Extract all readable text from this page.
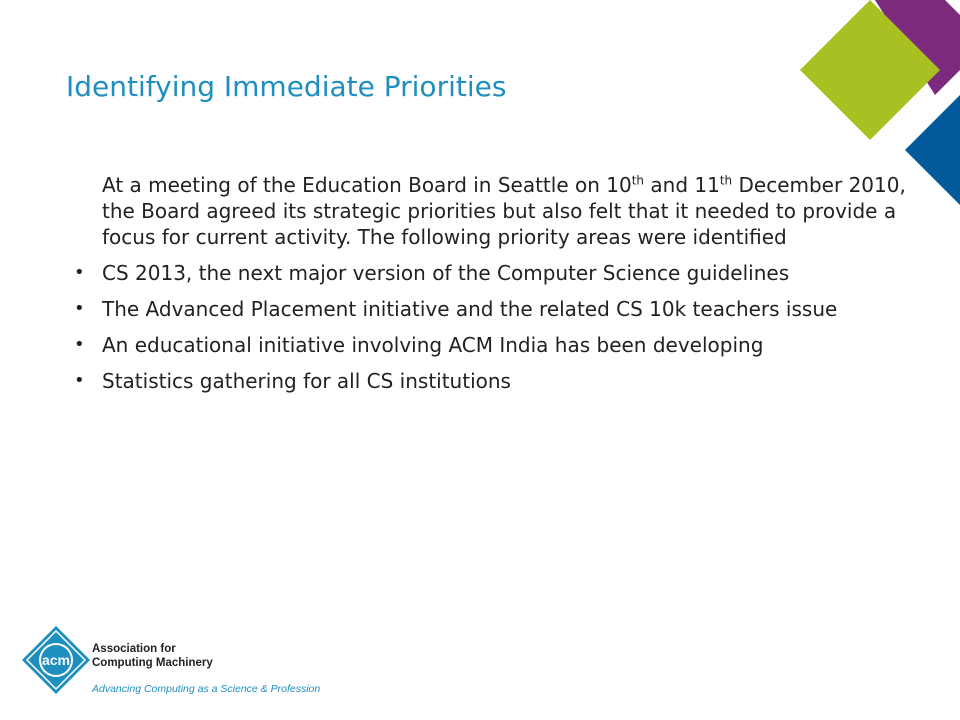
Identifying Immediate Priorities

At a meeting of the Education Board in Seattle on 10th and 11th December 2010, the Board agreed its strategic priorities but also felt that it needed to provide a focus for current activity. The following priority areas were identified

• CS 2013, the next major version of the Computer Science guidelines
• The Advanced Placement initiative and the related CS 10k teachers issue
• An educational initiative involving ACM India has been developing
• Statistics gathering for all CS institutions
acm
Association for
Computing Machinery
Advancing Computing as a Science & Profession
